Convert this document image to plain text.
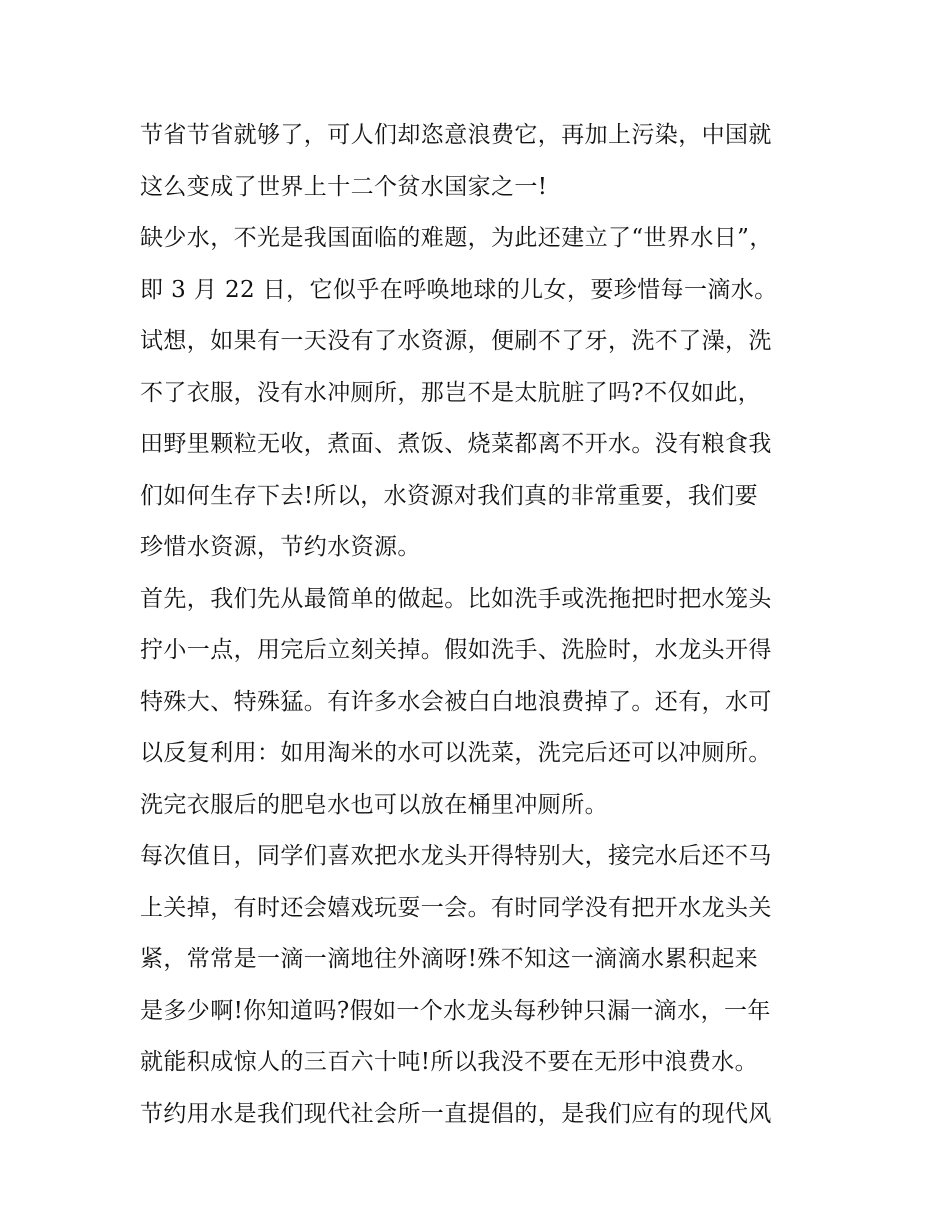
节省节省就够了，可人们却恣意浪费它，再加上污染，中国就
这么变成了世界上十二个贫水国家之一!
缺少水，不光是我国面临的难题，为此还建立了“世界水日”，
即 3 月 22 日，它似乎在呼唤地球的儿女，要珍惜每一滴水。
试想，如果有一天没有了水资源，便刷不了牙，洗不了澡，洗
不了衣服，没有水冲厕所，那岂不是太肮脏了吗?不仅如此，
田野里颗粒无收，煮面、煮饭、烧菜都离不开水。没有粮食我
们如何生存下去!所以，水资源对我们真的非常重要，我们要
珍惜水资源，节约水资源。
首先，我们先从最简单的做起。比如洗手或洗拖把时把水笼头
拧小一点，用完后立刻关掉。假如洗手、洗脸时，水龙头开得
特殊大、特殊猛。有许多水会被白白地浪费掉了。还有，水可
以反复利用：如用淘米的水可以洗菜，洗完后还可以冲厕所。
洗完衣服后的肥皂水也可以放在桶里冲厕所。
每次值日，同学们喜欢把水龙头开得特别大，接完水后还不马
上关掉，有时还会嬉戏玩耍一会。有时同学没有把开水龙头关
紧，常常是一滴一滴地往外滴呀!殊不知这一滴滴水累积起来
是多少啊!你知道吗?假如一个水龙头每秒钟只漏一滴水，一年
就能积成惊人的三百六十吨!所以我没不要在无形中浪费水。
节约用水是我们现代社会所一直提倡的，是我们应有的现代风
